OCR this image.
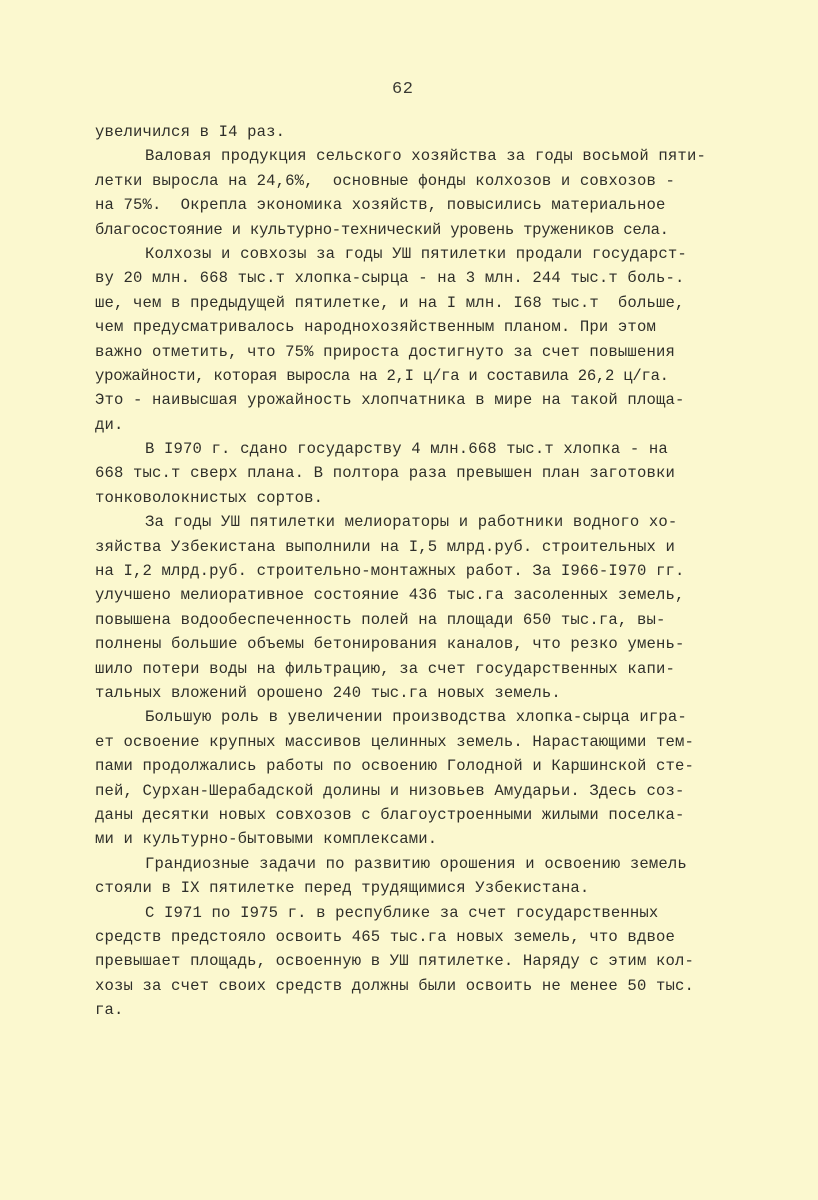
62
увеличился в I4 раз.
Валовая продукция сельского хозяйства за годы восьмой пяти-
летки выросла на 24,6%,  основные фонды колхозов и совхозов -
на 75%.  Окрепла экономика хозяйств, повысились материальное
благосостояние и культурно-технический уровень тружеников села.
Колхозы и совхозы за годы УШ пятилетки продали государст-
ву 20 млн. 668 тыс.т хлопка-сырца - на 3 млн. 244 тыс.т боль-.
ше, чем в предыдущей пятилетке, и на I млн. I68 тыс.т  больше,
чем предусматривалось народнохозяйственным планом. При этом
важно отметить, что 75% прироста достигнуто за счет повышения
урожайности, которая выросла на 2,I ц/га и составила 26,2 ц/га.
Это - наивысшая урожайность хлопчатника в мире на такой площа-
ди.
В I970 г. сдано государству 4 млн.668 тыс.т хлопка - на
668 тыс.т сверх плана. В полтора раза превышен план заготовки
тонковолокнистых сортов.
За годы УШ пятилетки мелиораторы и работники водного хо-
зяйства Узбекистана выполнили на I,5 млрд.руб. строительных и
на I,2 млрд.руб. строительно-монтажных работ. За I966-I970 гг.
улучшено мелиоративное состояние 436 тыс.га засоленных земель,
повышена водообеспеченность полей на площади 650 тыс.га, вы-
полнены большие объемы бетонирования каналов, что резко умень-
шило потери воды на фильтрацию, за счет государственных капи-
тальных вложений орошено 240 тыс.га новых земель.
Большую роль в увеличении производства хлопка-сырца игра-
ет освоение крупных массивов целинных земель. Нарастающими тем-
пами продолжались работы по освоению Голодной и Каршинской сте-
пей, Сурхан-Шерабадской долины и низовьев Амударьи. Здесь соз-
даны десятки новых совхозов с благоустроенными жилыми поселка-
ми и культурно-бытовыми комплексами.
Грандиозные задачи по развитию орошения и освоению земель
стояли в IX пятилетке перед трудящимися Узбекистана.
С I971 по I975 г. в республике за счет государственных
средств предстояло освоить 465 тыс.га новых земель, что вдвое
превышает площадь, освоенную в УШ пятилетке. Наряду с этим кол-
хозы за счет своих средств должны были освоить не менее 50 тыс.
га.
